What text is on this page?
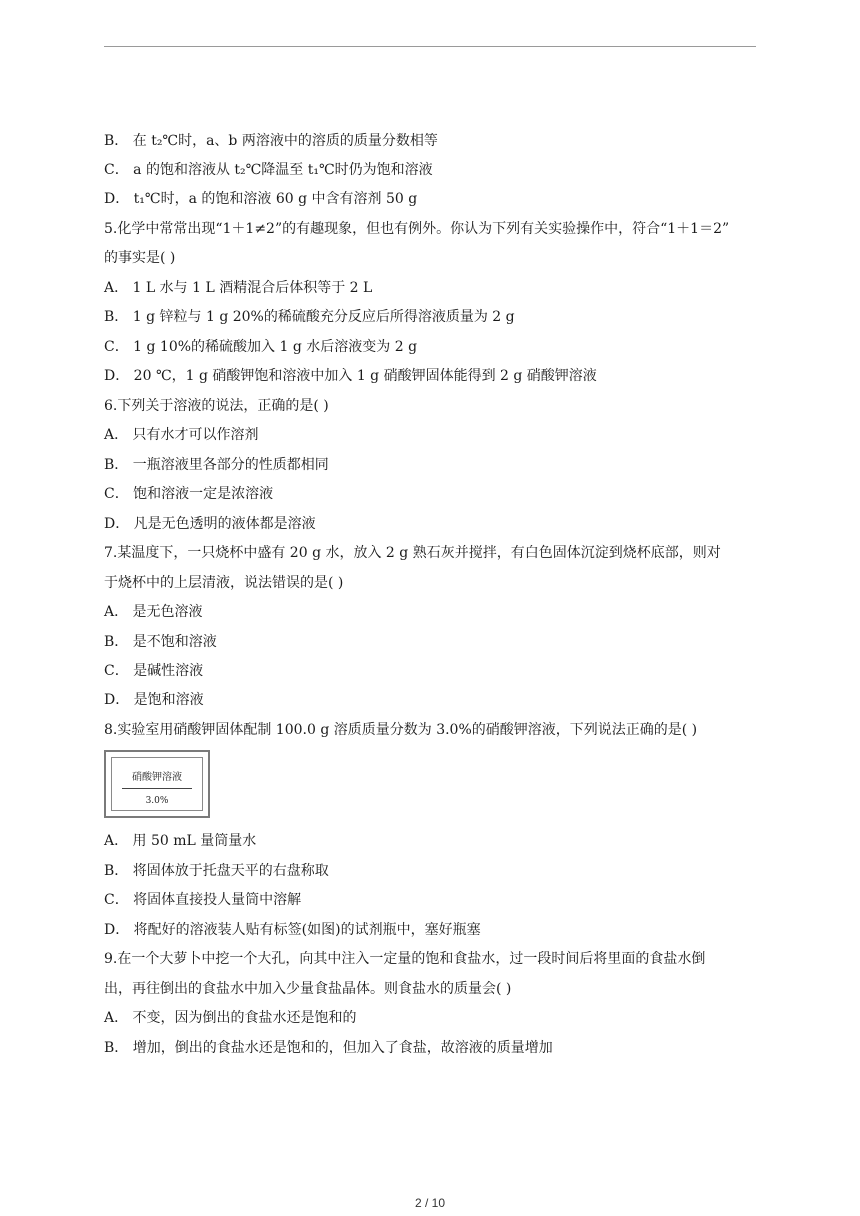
B． 在 t₂℃时，a、b 两溶液中的溶质的质量分数相等
C． a 的饱和溶液从 t₂℃降温至 t₁℃时仍为饱和溶液
D． t₁℃时，a 的饱和溶液 60 g 中含有溶剂 50 g
5.化学中常常出现“1＋1≠2”的有趣现象，但也有例外。你认为下列有关实验操作中，符合“1＋1＝2”
的事实是( )
A． 1 L 水与 1 L 酒精混合后体积等于 2 L
B． 1 g 锌粒与 1 g 20%的稀硫酸充分反应后所得溶液质量为 2 g
C． 1 g 10%的稀硫酸加入 1 g 水后溶液变为 2 g
D． 20 ℃，1 g 硝酸钾饱和溶液中加入 1 g 硝酸钾固体能得到 2 g 硝酸钾溶液
6.下列关于溶液的说法，正确的是( )
A． 只有水才可以作溶剂
B． 一瓶溶液里各部分的性质都相同
C． 饱和溶液一定是浓溶液
D． 凡是无色透明的液体都是溶液
7.某温度下，一只烧杯中盛有 20 g 水，放入 2 g 熟石灰并搅拌，有白色固体沉淀到烧杯底部，则对
于烧杯中的上层清液，说法错误的是( )
A． 是无色溶液
B． 是不饱和溶液
C． 是碱性溶液
D． 是饱和溶液
8.实验室用硝酸钾固体配制 100.0 g 溶质质量分数为 3.0%的硝酸钾溶液，下列说法正确的是( )
硝酸钾溶液
3.0%
A． 用 50 mL 量筒量水
B． 将固体放于托盘天平的右盘称取
C． 将固体直接投人量筒中溶解
D． 将配好的溶液装人贴有标签(如图)的试剂瓶中，塞好瓶塞
9.在一个大萝卜中挖一个大孔，向其中注入一定量的饱和食盐水，过一段时间后将里面的食盐水倒
出，再往倒出的食盐水中加入少量食盐晶体。则食盐水的质量会( )
A． 不变，因为倒出的食盐水还是饱和的
B． 增加，倒出的食盐水还是饱和的，但加入了食盐，故溶液的质量增加
2 / 10
